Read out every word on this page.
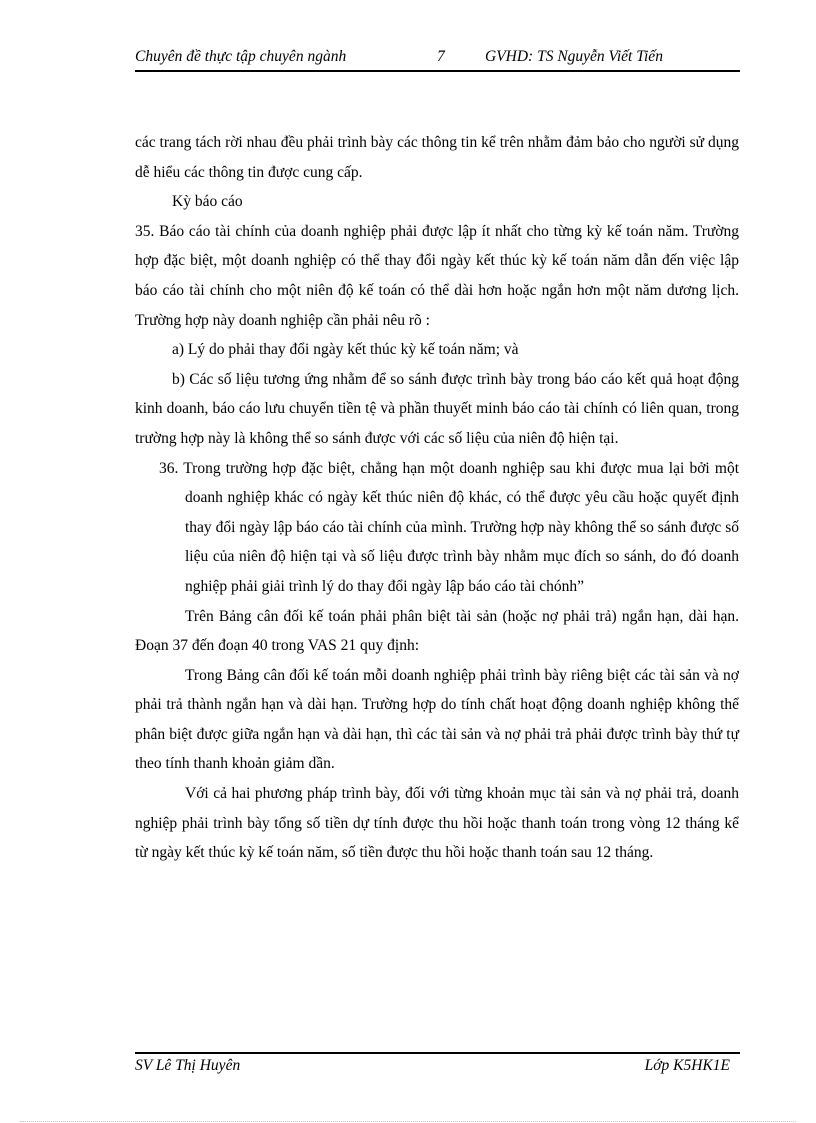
Chuyên đề thực tập chuyên ngành	7	GVHD: TS Nguyễn Viết Tiến

các trang tách rời nhau đều phải trình bày các thông tin kể trên nhằm đảm bảo cho người sử dụng dễ hiểu các thông tin được cung cấp.

Kỳ báo cáo

35. Báo cáo tài chính của doanh nghiệp phải được lập ít nhất cho từng kỳ kế toán năm. Trường hợp đặc biệt, một doanh nghiệp có thể thay đổi ngày kết thúc kỳ kế toán năm dẫn đến việc lập báo cáo tài chính cho một niên độ kế toán có thể dài hơn hoặc ngắn hơn một năm dương lịch. Trường hợp này doanh nghiệp cần phải nêu rõ :

a) Lý do phải thay đổi ngày kết thúc kỳ kế toán năm; và

b) Các số liệu tương ứng nhằm để so sánh được trình bày trong báo cáo kết quả hoạt động kinh doanh, báo cáo lưu chuyển tiền tệ và phần thuyết minh báo cáo tài chính có liên quan, trong trường hợp này là không thể so sánh được với các số liệu của niên độ hiện tại.

36. Trong trường hợp đặc biệt, chẳng hạn một doanh nghiệp sau khi được mua lại bởi một doanh nghiệp khác có ngày kết thúc niên độ khác, có thể được yêu cầu hoặc quyết định thay đổi ngày lập báo cáo tài chính của mình. Trường hợp này không thể so sánh được số liệu của niên độ hiện tại và số liệu được trình bày nhằm mục đích so sánh, do đó doanh nghiệp phải giải trình lý do thay đổi ngày lập báo cáo tài chónh”

Trên Bảng cân đối kế toán phải phân biệt tài sản (hoặc nợ phải trả) ngắn hạn, dài hạn. Đoạn 37 đến đoạn 40 trong VAS 21 quy định:

Trong Bảng cân đối kế toán mỗi doanh nghiệp phải trình bày riêng biệt các tài sản và nợ phải trả thành ngắn hạn và dài hạn. Trường hợp do tính chất hoạt động doanh nghiệp không thể phân biệt được giữa ngắn hạn và dài hạn, thì các tài sản và nợ phải trả phải được trình bày thứ tự theo tính thanh khoản giảm dần.

Với cả hai phương pháp trình bày, đối với từng khoản mục tài sản và nợ phải trả, doanh nghiệp phải trình bày tổng số tiền dự tính được thu hồi hoặc thanh toán trong vòng 12 tháng kể từ ngày kết thúc kỳ kế toán năm, số tiền được thu hồi hoặc thanh toán sau 12 tháng.

SV Lê Thị Huyên	Lớp K5HK1E
